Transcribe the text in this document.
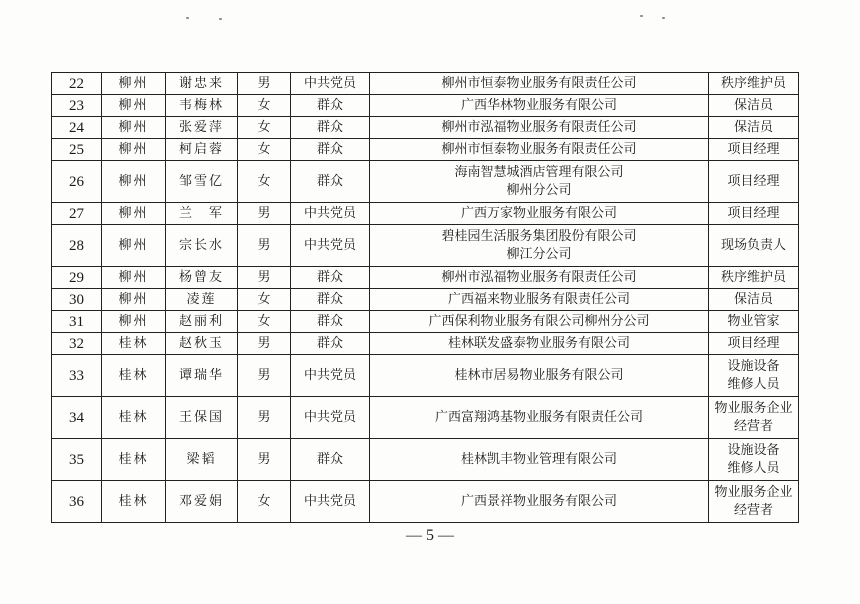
22	柳州	谢忠来	男	中共党员	柳州市恒泰物业服务有限责任公司	秩序维护员

23	柳州	韦梅林	女	群众	广西华林物业服务有限公司	保洁员

24	柳州	张爱萍	女	群众	柳州市泓福物业服务有限责任公司	保洁员

25	柳州	柯启蓉	女	群众	柳州市恒泰物业服务有限责任公司	项目经理

26	柳州	邹雪亿	女	群众	海南智慧城酒店管理有限公司
柳州分公司	项目经理

27	柳州	兰　军	男	中共党员	广西万家物业服务有限公司	项目经理

28	柳州	宗长水	男	中共党员	碧桂园生活服务集团股份有限公司
柳江分公司	现场负责人

29	柳州	杨曾友	男	群众	柳州市泓福物业服务有限责任公司	秩序维护员

30	柳州	凌莲	女	群众	广西福来物业服务有限责任公司	保洁员

31	柳州	赵丽利	女	群众	广西保利物业服务有限公司柳州分公司	物业管家

32	桂林	赵秋玉	男	群众	桂林联发盛泰物业服务有限公司	项目经理

33	桂林	谭瑞华	男	中共党员	桂林市居易物业服务有限公司	设施设备
维修人员

34	桂林	王保国	男	中共党员	广西富翔鸿基物业服务有限责任公司	物业服务企业
经营者

35	桂林	梁韬	男	群众	桂林凯丰物业管理有限公司	设施设备
维修人员

36	桂林	邓爱娟	女	中共党员	广西景祥物业服务有限公司	物业服务企业
经营者
— 5 —
